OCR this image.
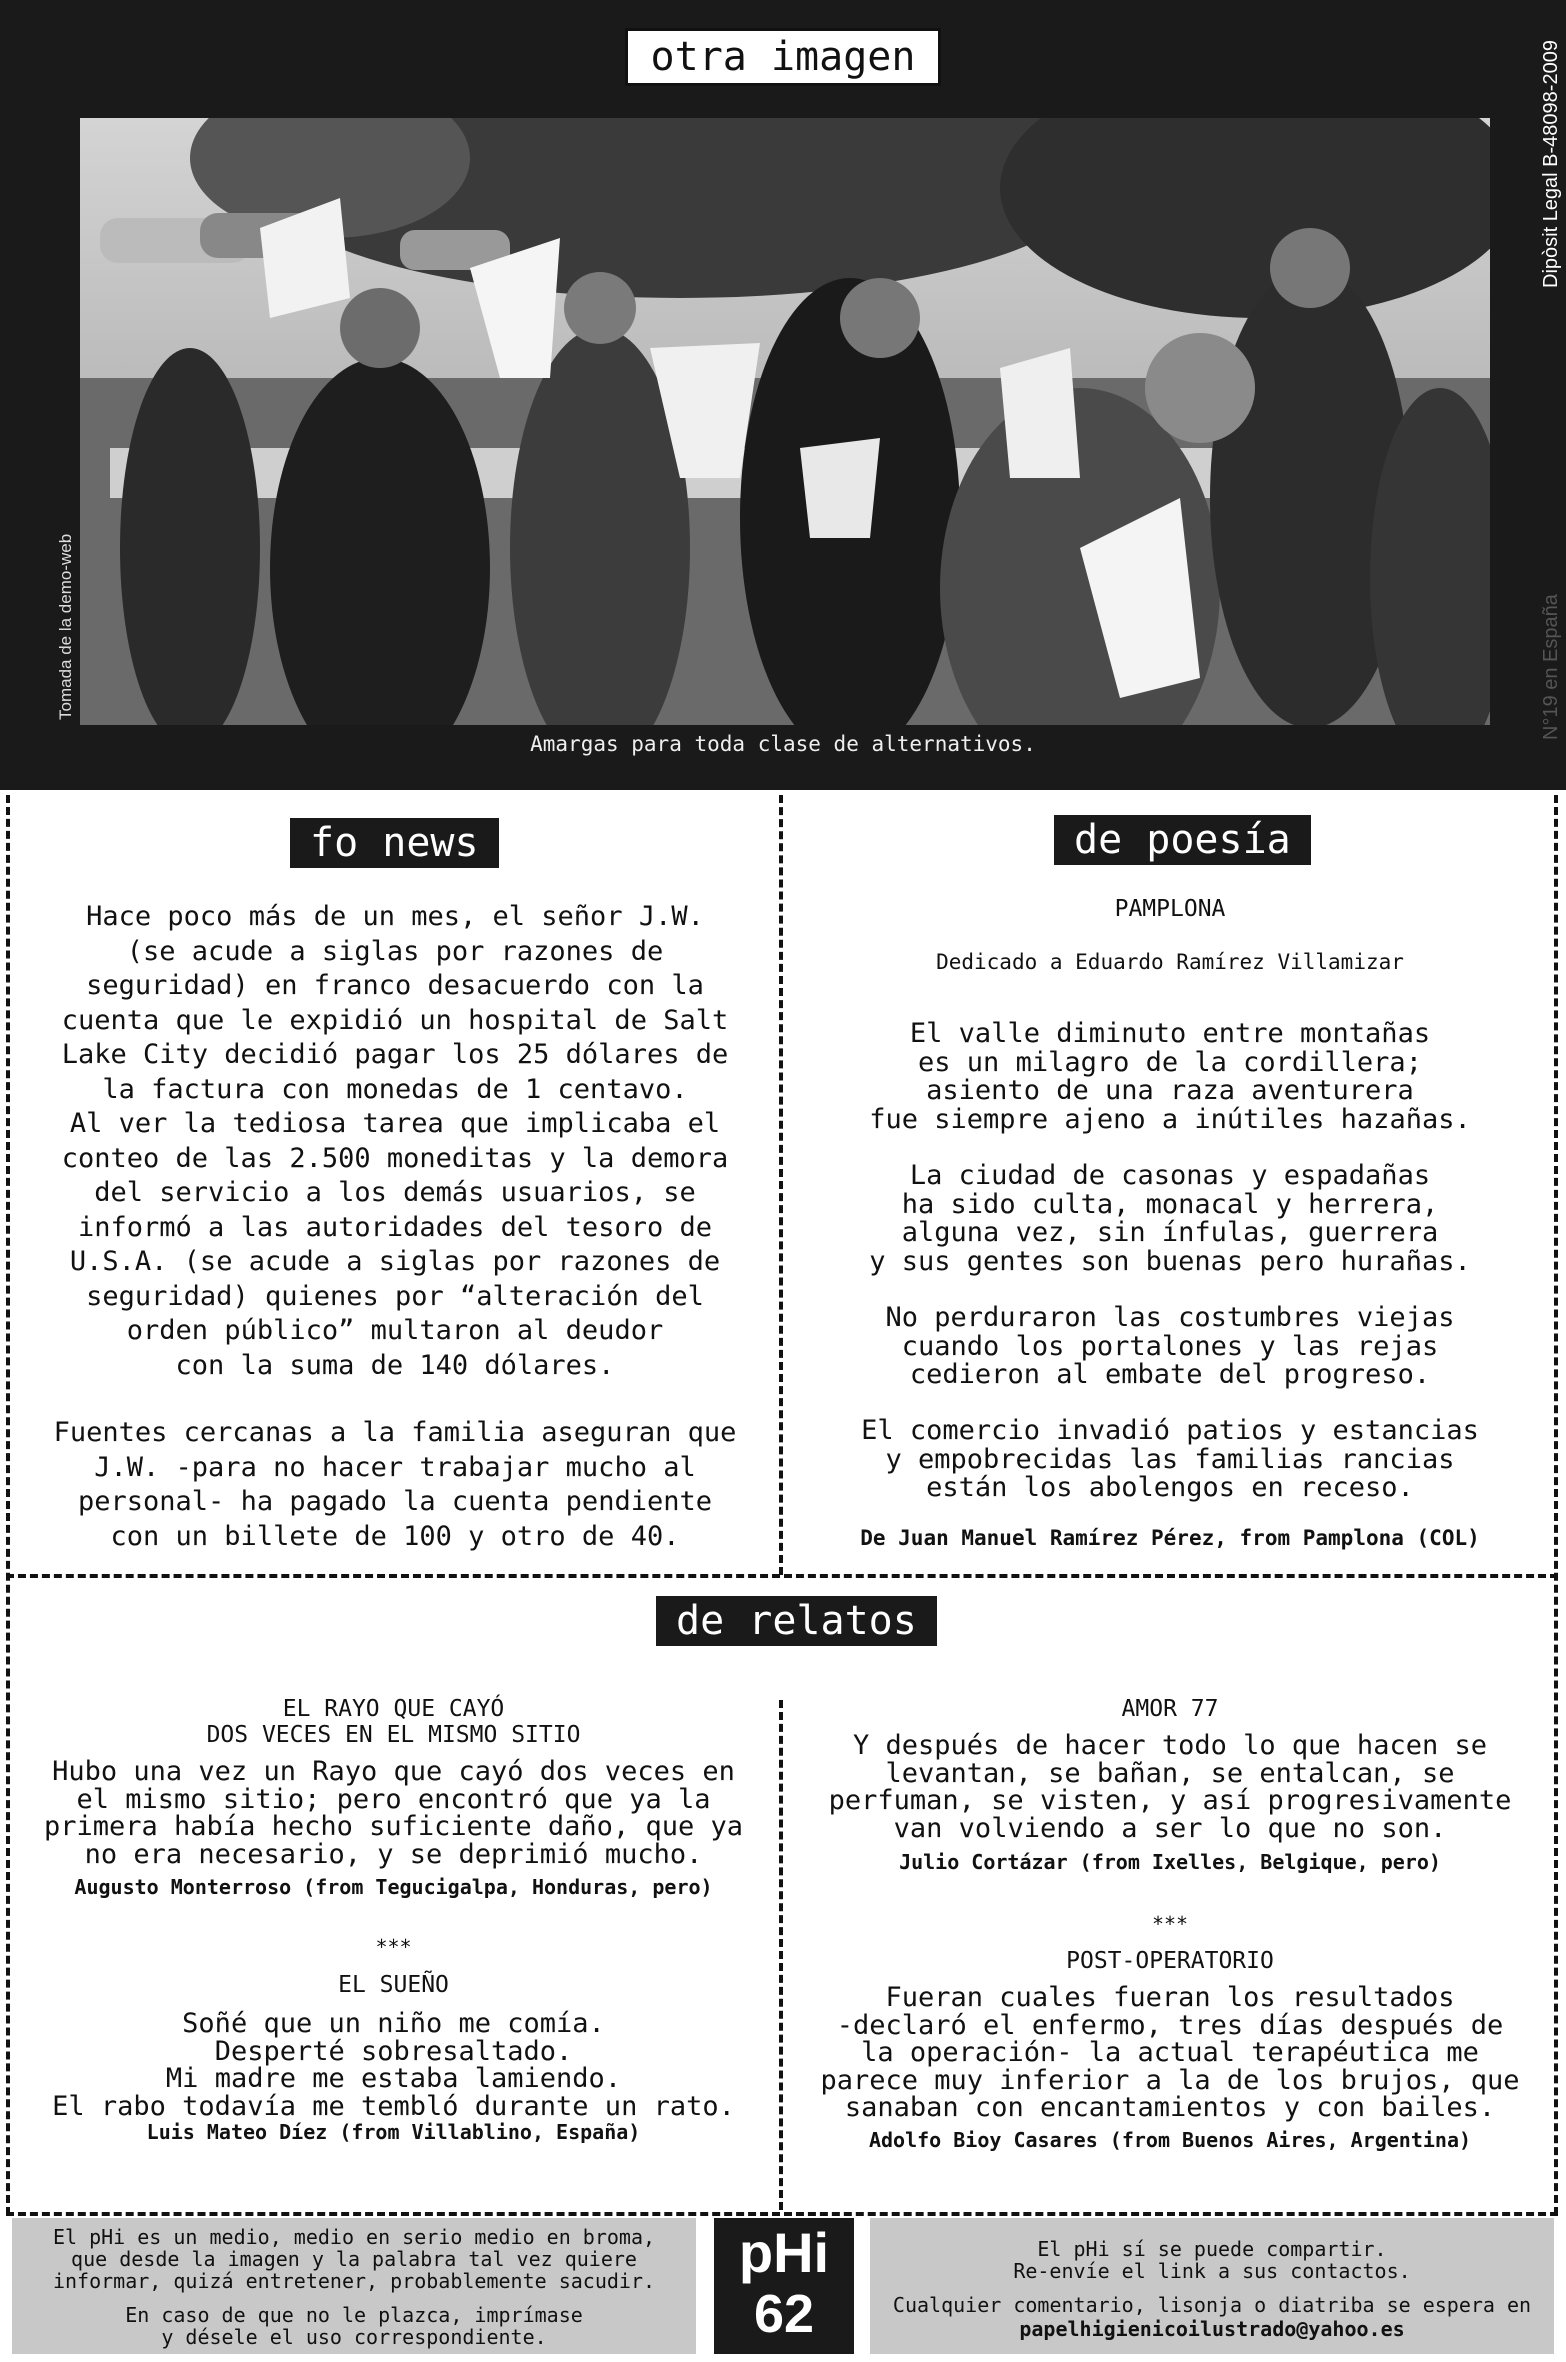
otra imagen
Amargas para toda clase de alternativos.
Tomada de la demo-web
Dipòsit Legal B-48098-2009
N°19 en España
fo news
Hace poco más de un mes, el señor J.W.
(se acude a siglas por razones de
seguridad) en franco desacuerdo con la
cuenta que le expidió un hospital de Salt
Lake City decidió pagar los 25 dólares de
la factura con monedas de 1 centavo.
Al ver la tediosa tarea que implicaba el
conteo de las 2.500 moneditas y la demora
del servicio a los demás usuarios, se
informó a las autoridades del tesoro de
U.S.A. (se acude a siglas por razones de
seguridad) quienes por “alteración del
orden público” multaron al deudor
con la suma de 140 dólares.
Fuentes cercanas a la familia aseguran que
J.W. -para no hacer trabajar mucho al
personal- ha pagado la cuenta pendiente
con un billete de 100 y otro de 40.
de poesía
PAMPLONA
Dedicado a Eduardo Ramírez Villamizar
El valle diminuto entre montañas
es un milagro de la cordillera;
asiento de una raza aventurera
fue siempre ajeno a inútiles hazañas.
La ciudad de casonas y espadañas
ha sido culta, monacal y herrera,
alguna vez, sin ínfulas, guerrera
y sus gentes son buenas pero hurañas.
No perduraron las costumbres viejas
cuando los portalones y las rejas
cedieron al embate del progreso.
El comercio invadió patios y estancias
y empobrecidas las familias rancias
están los abolengos en receso.
De Juan Manuel Ramírez Pérez, from Pamplona (COL)
de relatos
EL RAYO QUE CAYÓ
DOS VECES EN EL MISMO SITIO
Hubo una vez un Rayo que cayó dos veces en
el mismo sitio; pero encontró que ya la
primera había hecho suficiente daño, que ya
no era necesario, y se deprimió mucho.
Augusto Monterroso (from Tegucigalpa, Honduras, pero)
***
EL SUEÑO
Soñé que un niño me comía.
Desperté sobresaltado.
Mi madre me estaba lamiendo.
El rabo todavía me tembló durante un rato.
Luis Mateo Díez (from Villablino, España)
AMOR 77
Y después de hacer todo lo que hacen se
levantan, se bañan, se entalcan, se
perfuman, se visten, y así progresivamente
van volviendo a ser lo que no son.
Julio Cortázar (from Ixelles, Belgique, pero)
***
POST-OPERATORIO
Fueran cuales fueran los resultados
-declaró el enfermo, tres días después de
la operación- la actual terapéutica me
parece muy inferior a la de los brujos, que
sanaban con encantamientos y con bailes.
Adolfo Bioy Casares (from Buenos Aires, Argentina)
El pHi es un medio, medio en serio medio en broma,
que desde la imagen y la palabra tal vez quiere
informar, quizá entretener, probablemente sacudir.
En caso de que no le plazca, imprímase
y désele el uso correspondiente.
pHi
62
El pHi sí se puede compartir.
Re-envíe el link a sus contactos.
Cualquier comentario, lisonja o diatriba se espera en
papelhigienicoilustrado@yahoo.es
